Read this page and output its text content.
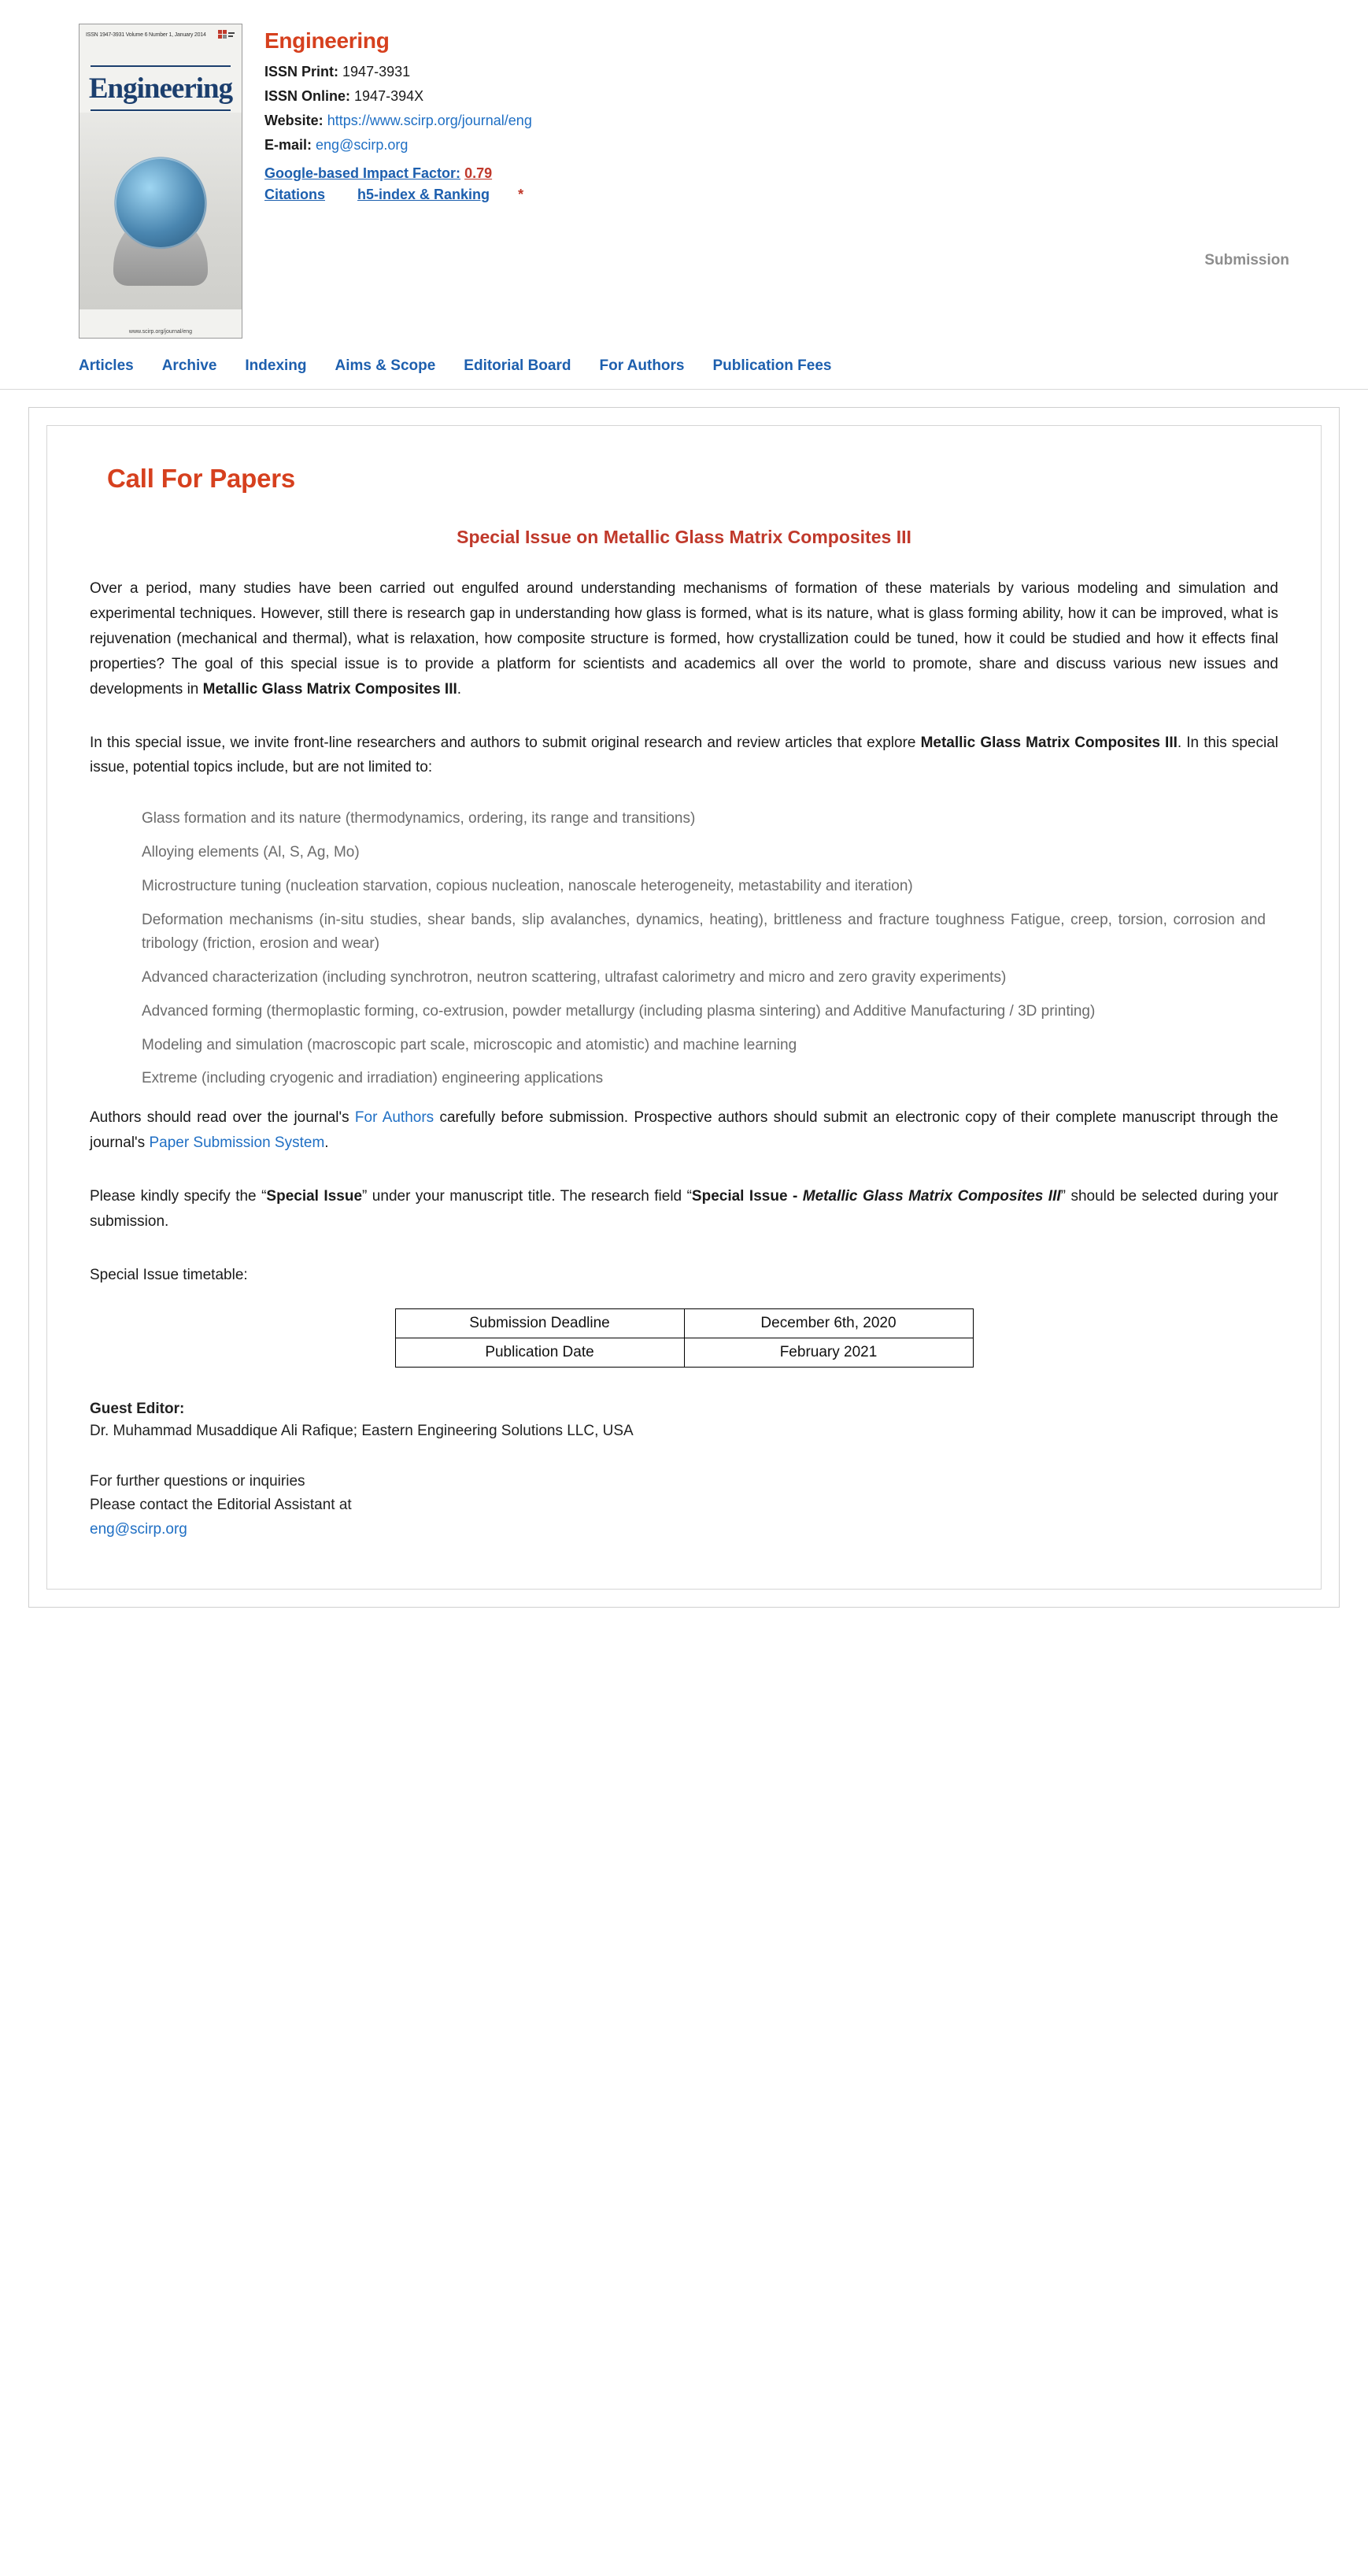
ISSN 1947-3931 Volume 6 Number 1, January 2014
Engineering
www.scirp.org/journal/eng
Engineering
ISSN Print: 1947-3931
ISSN Online: 1947-394X
Website: https://www.scirp.org/journal/eng
E-mail: eng@scirp.org
Google-based Impact Factor: 0.79
Citations h5-index & Ranking *
Submission
Articles Archive Indexing Aims & Scope Editorial Board For Authors Publication Fees
Call For Papers
Special Issue on Metallic Glass Matrix Composites III

Over a period, many studies have been carried out engulfed around understanding mechanisms of formation of these materials by various modeling and simulation and experimental techniques. However, still there is research gap in understanding how glass is formed, what is its nature, what is glass forming ability, how it can be improved, what is rejuvenation (mechanical and thermal), what is relaxation, how composite structure is formed, how crystallization could be tuned, how it could be studied and how it effects final properties? The goal of this special issue is to provide a platform for scientists and academics all over the world to promote, share and discuss various new issues and developments in Metallic Glass Matrix Composites III.

In this special issue, we invite front-line researchers and authors to submit original research and review articles that explore Metallic Glass Matrix Composites III. In this special issue, potential topics include, but are not limited to:

Glass formation and its nature (thermodynamics, ordering, its range and transitions)
Alloying elements (Al, S, Ag, Mo)
Microstructure tuning (nucleation starvation, copious nucleation, nanoscale heterogeneity, metastability and iteration)
Deformation mechanisms (in-situ studies, shear bands, slip avalanches, dynamics, heating), brittleness and fracture toughness Fatigue, creep, torsion, corrosion and tribology (friction, erosion and wear)
Advanced characterization (including synchrotron, neutron scattering, ultrafast calorimetry and micro and zero gravity experiments)
Advanced forming (thermoplastic forming, co-extrusion, powder metallurgy (including plasma sintering) and Additive Manufacturing / 3D printing)
Modeling and simulation (macroscopic part scale, microscopic and atomistic) and machine learning
Extreme (including cryogenic and irradiation) engineering applications

Authors should read over the journal's For Authors carefully before submission. Prospective authors should submit an electronic copy of their complete manuscript through the journal's Paper Submission System.

Please kindly specify the “Special Issue” under your manuscript title. The research field “Special Issue - Metallic Glass Matrix Composites III” should be selected during your submission.

Special Issue timetable:

Submission Deadline	December 6th, 2020
Publication Date	February 2021
Guest Editor:
Dr. Muhammad Musaddique Ali Rafique; Eastern Engineering Solutions LLC, USA
For further questions or inquiries
Please contact the Editorial Assistant at
eng@scirp.org
